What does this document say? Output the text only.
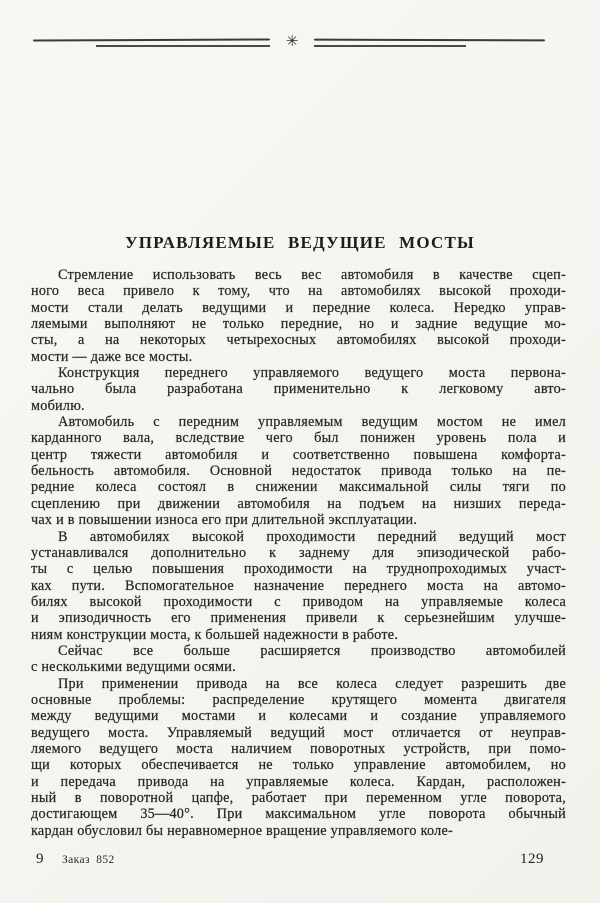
✳
УПРАВЛЯЕМЫЕ ВЕДУЩИЕ МОСТЫ
Стремление использовать весь вес автомобиля в качестве сцеп-
ного веса привело к тому, что на автомобилях высокой проходи-
мости стали делать ведущими и передние колеса. Нередко управ-
ляемыми выполняют не только передние, но и задние ведущие мо-
сты, а на некоторых четырехосных автомобилях высокой проходи-
мости — даже все мосты.
Конструкция переднего управляемого ведущего моста первона-
чально была разработана применительно к легковому авто-
мобилю.
Автомобиль с передним управляемым ведущим мостом не имел
карданного вала, вследствие чего был понижен уровень пола и
центр тяжести автомобиля и соответственно повышена комфорта-
бельность автомобиля. Основной недостаток привода только на пе-
редние колеса состоял в снижении максимальной силы тяги по
сцеплению при движении автомобиля на подъем на низших переда-
чах и в повышении износа его при длительной эксплуатации.
В автомобилях высокой проходимости передний ведущий мост
устанавливался дополнительно к заднему для эпизодической рабо-
ты с целью повышения проходимости на труднопроходимых участ-
ках пути. Вспомогательное назначение переднего моста на автомо-
билях высокой проходимости с приводом на управляемые колеса
и эпизодичность его применения привели к серьезнейшим улучше-
ниям конструкции моста, к большей надежности в работе.
Сейчас все больше расширяется производство автомобилей
с несколькими ведущими осями.
При применении привода на все колеса следует разрешить две
основные проблемы: распределение крутящего момента двигателя
между ведущими мостами и колесами и создание управляемого
ведущего моста. Управляемый ведущий мост отличается от неуправ-
ляемого ведущего моста наличием поворотных устройств, при помо-
щи которых обеспечивается не только управление автомобилем, но
и передача привода на управляемые колеса. Кардан, расположен-
ный в поворотной цапфе, работает при переменном угле поворота,
достигающем 35—40°. При максимальном угле поворота обычный
кардан обусловил бы неравномерное вращение управляемого коле-
9 Заказ 852	129
